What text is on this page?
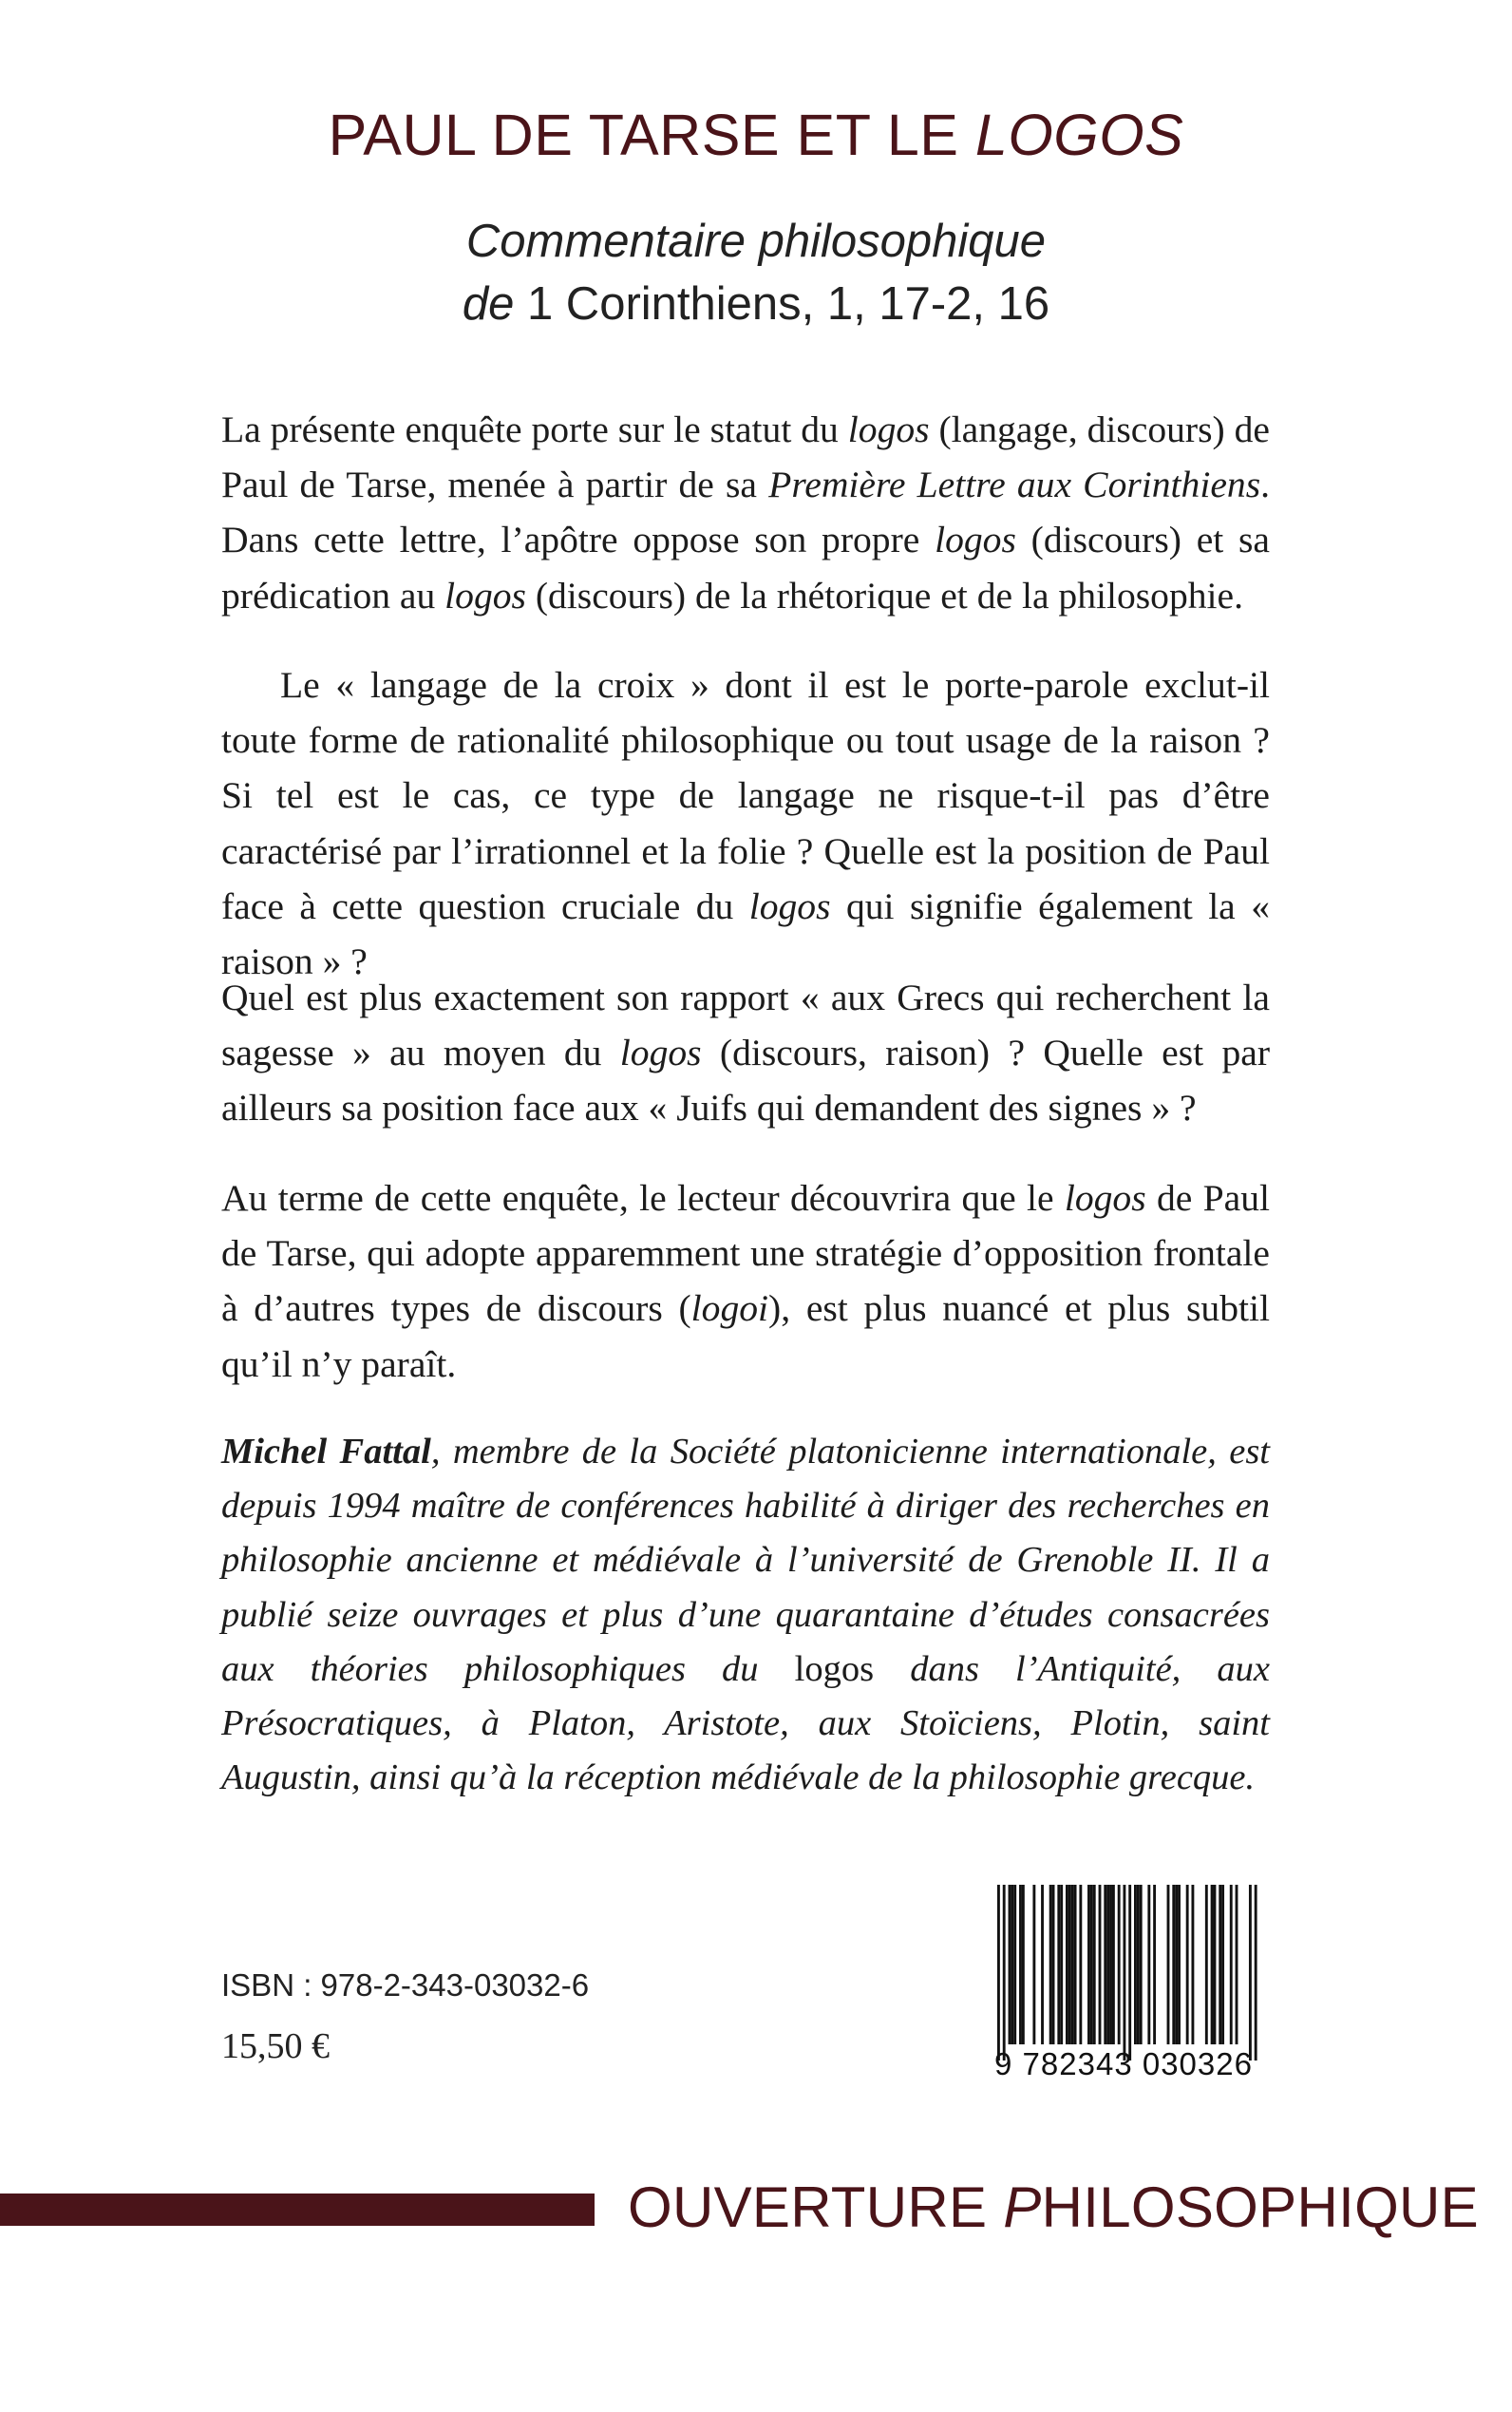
PAUL DE TARSE ET LE LOGOS
Commentaire philosophique
de 1 Corinthiens, 1, 17-2, 16

La présente enquête porte sur le statut du logos (langage, discours) de Paul de Tarse, menée à partir de sa Première Lettre aux Corinthiens. Dans cette lettre, l’apôtre oppose son propre logos (discours) et sa prédication au logos (discours) de la rhétorique et de la philosophie.

Le « langage de la croix » dont il est le porte-parole exclut-il toute forme de rationalité philosophique ou tout usage de la raison ? Si tel est le cas, ce type de langage ne risque-t-il pas d’être caractérisé par l’irrationnel et la folie ? Quelle est la position de Paul face à cette question cruciale du logos qui signifie également la « raison » ?

Quel est plus exactement son rapport « aux Grecs qui recherchent la sagesse » au moyen du logos (discours, raison) ? Quelle est par ailleurs sa position face aux « Juifs qui demandent des signes » ?

Au terme de cette enquête, le lecteur découvrira que le logos de Paul de Tarse, qui adopte apparemment une stratégie d’opposition frontale à d’autres types de discours (logoi), est plus nuancé et plus subtil qu’il n’y paraît.

Michel Fattal, membre de la Société platonicienne internationale, est depuis 1994 maître de conférences habilité à diriger des recherches en philosophie ancienne et médiévale à l’université de Grenoble II. Il a publié seize ouvrages et plus d’une quarantaine d’études consacrées aux théories philosophiques du logos dans l’Antiquité, aux Présocratiques, à Platon, Aristote, aux Stoïciens, Plotin, saint Augustin, ainsi qu’à la réception médiévale de la philosophie grecque.

ISBN : 978-2-343-03032-6
15,50 €	9 782343 030326
OUVERTURE PHILOSOPHIQUE
